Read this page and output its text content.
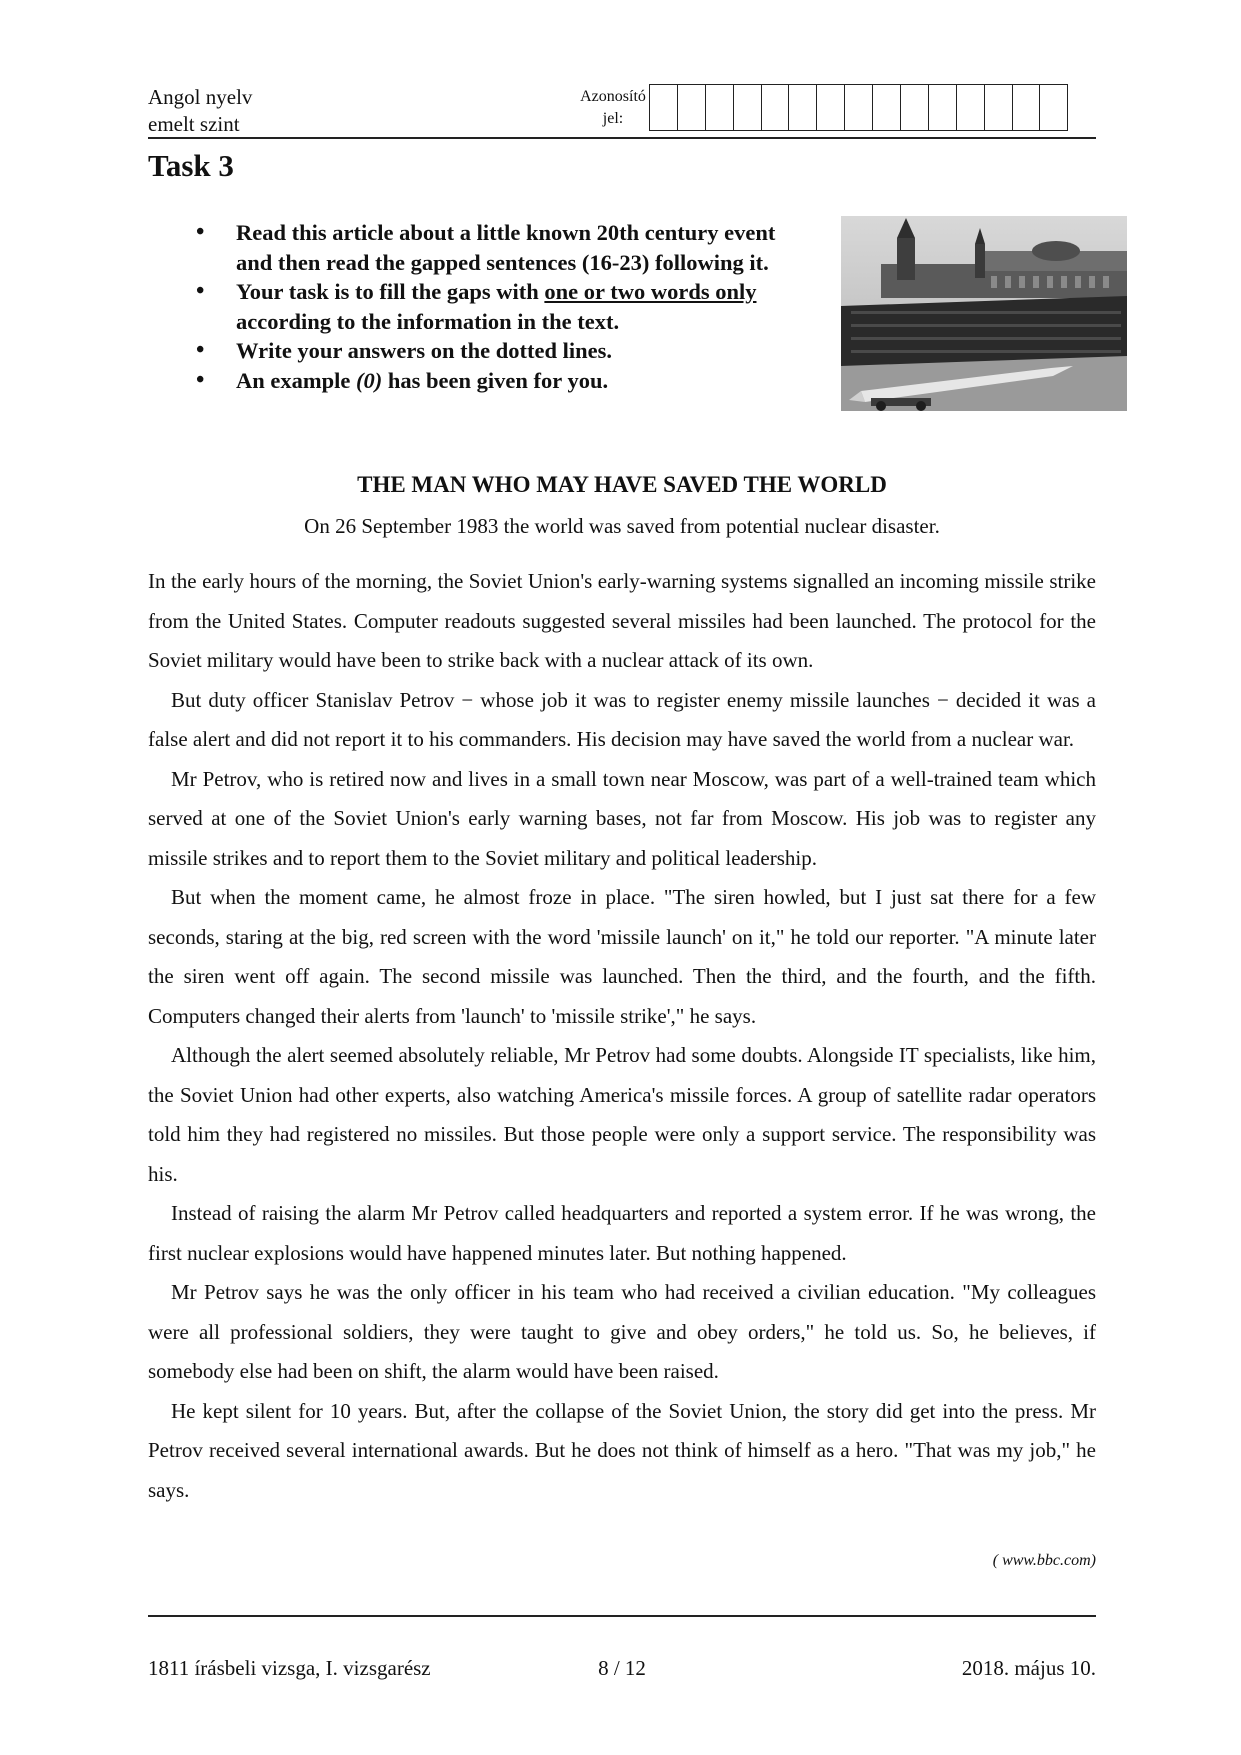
Angol nyelv
emelt szint
Azonosító
jel:
Task 3
• Read this article about a little known 20th century event and then read the gapped sentences (16-23) following it.
• Your task is to fill the gaps with one or two words only according to the information in the text.
• Write your answers on the dotted lines.
• An example (0) has been given for you.
THE MAN WHO MAY HAVE SAVED THE WORLD
On 26 September 1983 the world was saved from potential nuclear disaster.

In the early hours of the morning, the Soviet Union's early-warning systems signalled an incoming missile strike from the United States. Computer readouts suggested several missiles had been launched. The protocol for the Soviet military would have been to strike back with a nuclear attack of its own.

But duty officer Stanislav Petrov − whose job it was to register enemy missile launches − decided it was a false alert and did not report it to his commanders. His decision may have saved the world from a nuclear war.

Mr Petrov, who is retired now and lives in a small town near Moscow, was part of a well-trained team which served at one of the Soviet Union's early warning bases, not far from Moscow. His job was to register any missile strikes and to report them to the Soviet military and political leadership.

But when the moment came, he almost froze in place. "The siren howled, but I just sat there for a few seconds, staring at the big, red screen with the word 'missile launch' on it," he told our reporter. "A minute later the siren went off again. The second missile was launched. Then the third, and the fourth, and the fifth. Computers changed their alerts from 'launch' to 'missile strike'," he says.

Although the alert seemed absolutely reliable, Mr Petrov had some doubts. Alongside IT specialists, like him, the Soviet Union had other experts, also watching America's missile forces. A group of satellite radar operators told him they had registered no missiles. But those people were only a support service. The responsibility was his.

Instead of raising the alarm Mr Petrov called headquarters and reported a system error. If he was wrong, the first nuclear explosions would have happened minutes later. But nothing happened.

Mr Petrov says he was the only officer in his team who had received a civilian education. "My colleagues were all professional soldiers, they were taught to give and obey orders," he told us. So, he believes, if somebody else had been on shift, the alarm would have been raised.

He kept silent for 10 years. But, after the collapse of the Soviet Union, the story did get into the press. Mr Petrov received several international awards. But he does not think of himself as a hero. "That was my job," he says.

( www.bbc.com)
1811 írásbeli vizsga, I. vizsgarész	8 / 12	2018. május 10.
